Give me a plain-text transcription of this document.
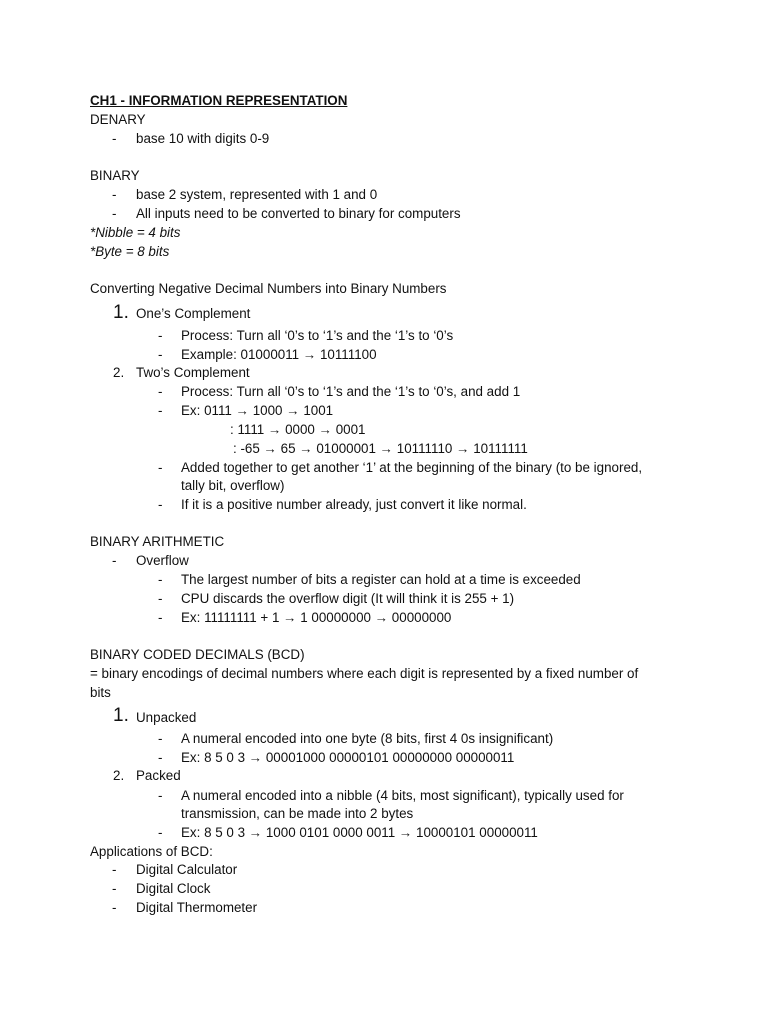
CH1 - INFORMATION REPRESENTATION
DENARY
- base 10 with digits 0-9
BINARY
- base 2 system, represented with 1 and 0
- All inputs need to be converted to binary for computers
*Nibble = 4 bits
*Byte = 8 bits
Converting Negative Decimal Numbers into Binary Numbers
1. One’s Complement
- Process: Turn all ‘0’s to ‘1’s and the ‘1’s to ‘0’s
- Example: 01000011 → 10111100
2. Two’s Complement
- Process: Turn all ‘0’s to ‘1’s and the ‘1’s to ‘0’s, and add 1
- Ex: 0111 → 1000 → 1001
: 1111 → 0000 → 0001
: -65 → 65 → 01000001 → 10111110 → 10111111
- Added together to get another ‘1’ at the beginning of the binary (to be ignored,
tally bit, overflow)
- If it is a positive number already, just convert it like normal.
BINARY ARITHMETIC
- Overflow
- The largest number of bits a register can hold at a time is exceeded
- CPU discards the overflow digit (It will think it is 255 + 1)
- Ex: 11111111 + 1 → 1 00000000 → 00000000
BINARY CODED DECIMALS (BCD)
= binary encodings of decimal numbers where each digit is represented by a fixed number of
bits
1. Unpacked
- A numeral encoded into one byte (8 bits, first 4 0s insignificant)
- Ex: 8 5 0 3 → 00001000 00000101 00000000 00000011
2. Packed
- A numeral encoded into a nibble (4 bits, most significant), typically used for
transmission, can be made into 2 bytes
- Ex: 8 5 0 3 → 1000 0101 0000 0011 → 10000101 00000011
Applications of BCD:
- Digital Calculator
- Digital Clock
- Digital Thermometer
